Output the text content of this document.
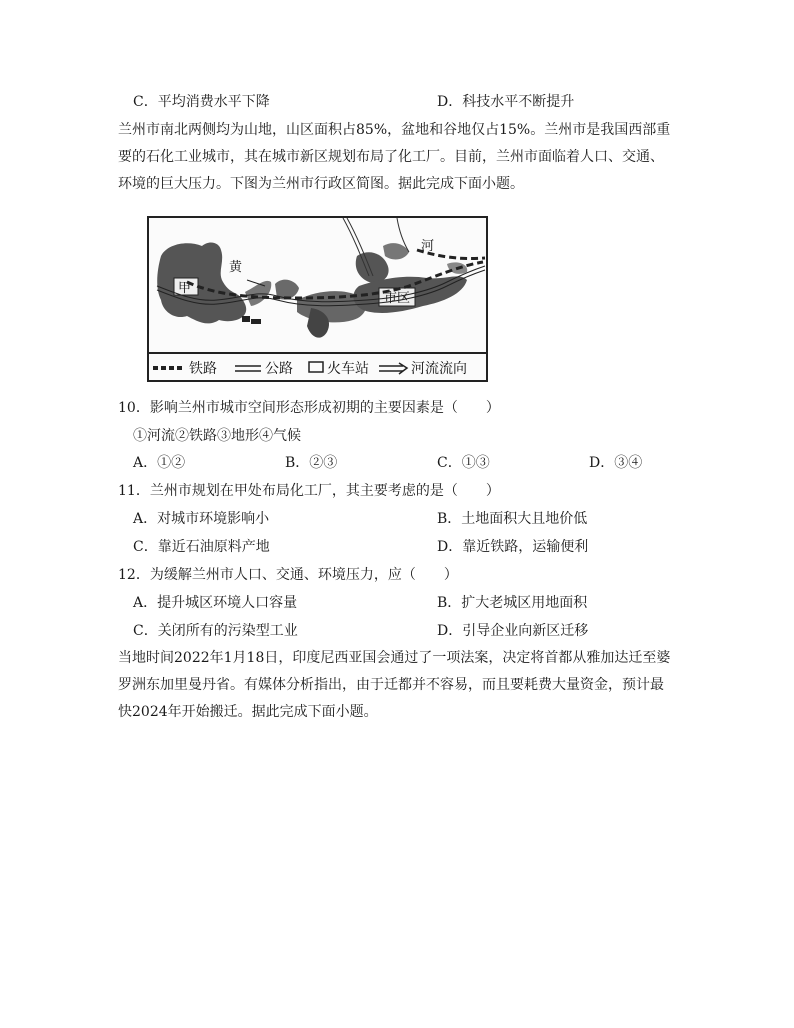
C．平均消费水平下降	D．科技水平不断提升
兰州市南北两侧均为山地，山区面积占85%，盆地和谷地仅占15%。兰州市是我国西部重要的石化工业城市，其在城市新区规划布局了化工厂。目前，兰州市面临着人口、交通、环境的巨大压力。下图为兰州市行政区简图。据此完成下面小题。
甲
市区
黄
河
铁路	公路 火车站	河流流向
10．影响兰州市城市空间形态形成初期的主要因素是（　　）
①河流②铁路③地形④气候
A．①②	B．②③	C．①③	D．③④
11．兰州市规划在甲处布局化工厂，其主要考虑的是（　　）
A．对城市环境影响小	B．土地面积大且地价低
C．靠近石油原料产地	D．靠近铁路，运输便利
12．为缓解兰州市人口、交通、环境压力，应（　　）
A．提升城区环境人口容量	B．扩大老城区用地面积
C．关闭所有的污染型工业	D．引导企业向新区迁移
当地时间2022年1月18日，印度尼西亚国会通过了一项法案，决定将首都从雅加达迁至婆罗洲东加里曼丹省。有媒体分析指出，由于迁都并不容易，而且要耗费大量资金，预计最快2024年开始搬迁。据此完成下面小题。
